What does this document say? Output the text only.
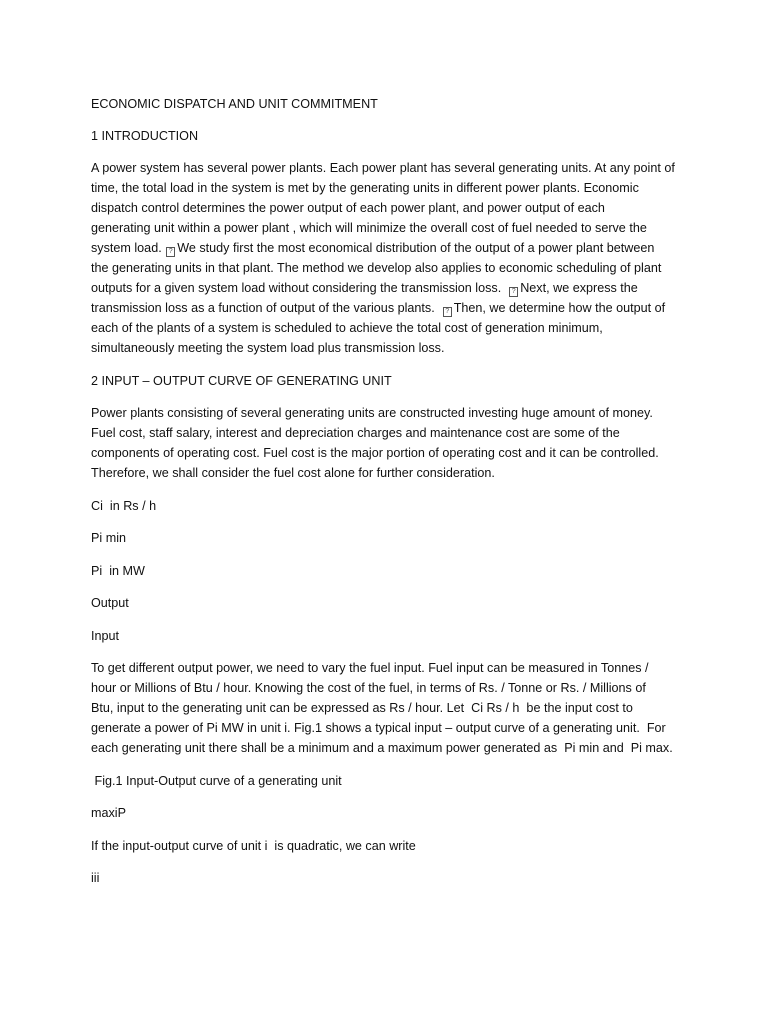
ECONOMIC DISPATCH AND UNIT COMMITMENT

1 INTRODUCTION

A power system has several power plants. Each power plant has several generating units. At any point of

time, the total load in the system is met by the generating units in different power plants. Economic

dispatch control determines the power output of each power plant, and power output of each

generating unit within a power plant , which will minimize the overall cost of fuel needed to serve the

system load. ? We study first the most economical distribution of the output of a power plant between

the generating units in that plant. The method we develop also applies to economic scheduling of plant

outputs for a given system load without considering the transmission loss. ? Next, we express the

transmission loss as a function of output of the various plants. ? Then, we determine how the output of

each of the plants of a system is scheduled to achieve the total cost of generation minimum,

simultaneously meeting the system load plus transmission loss.

2 INPUT – OUTPUT CURVE OF GENERATING UNIT

Power plants consisting of several generating units are constructed investing huge amount of money.

Fuel cost, staff salary, interest and depreciation charges and maintenance cost are some of the

components of operating cost. Fuel cost is the major portion of operating cost and it can be controlled.

Therefore, we shall consider the fuel cost alone for further consideration.

Ci  in Rs / h

Pi min

Pi  in MW

Output

Input

To get different output power, we need to vary the fuel input. Fuel input can be measured in Tonnes /

hour or Millions of Btu / hour. Knowing the cost of the fuel, in terms of Rs. / Tonne or Rs. / Millions of

Btu, input to the generating unit can be expressed as Rs / hour. Let  Ci Rs / h  be the input cost to

generate a power of Pi MW in unit i. Fig.1 shows a typical input – output curve of a generating unit.  For

each generating unit there shall be a minimum and a maximum power generated as  Pi min and  Pi max.

Fig.1 Input-Output curve of a generating unit

maxiP

If the input-output curve of unit i  is quadratic, we can write

iii
